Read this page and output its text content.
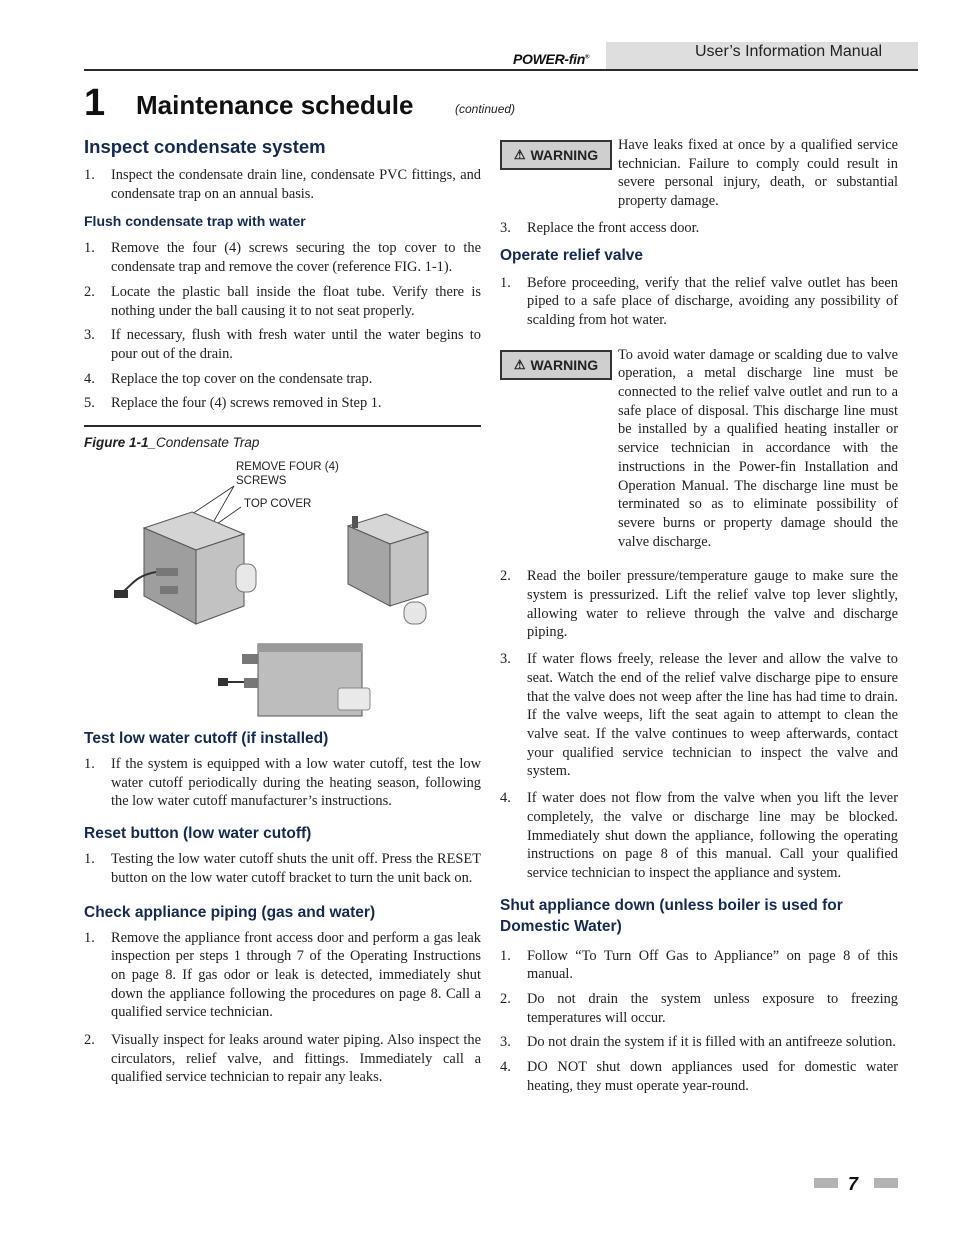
POWER-fin®	User’s Information Manual
1 Maintenance schedule	(continued)
Inspect condensate system
1. Inspect the condensate drain line, condensate PVC fittings, and condensate trap on an annual basis.
Flush condensate trap with water
1. Remove the four (4) screws securing the top cover to the condensate trap and remove the cover (reference FIG. 1-1).
2. Locate the plastic ball inside the float tube. Verify there is nothing under the ball causing it to not seat properly.
3. If necessary, flush with fresh water until the water begins to pour out of the drain.
4. Replace the top cover on the condensate trap.
5. Replace the four (4) screws removed in Step 1.
Figure 1-1_Condensate Trap
REMOVE FOUR (4)
SCREWS
TOP COVER
Test low water cutoff (if installed)
1. If the system is equipped with a low water cutoff, test the low water cutoff periodically during the heating season, following the low water cutoff manufacturer’s instructions.
Reset button (low water cutoff)
1. Testing the low water cutoff shuts the unit off. Press the RESET button on the low water cutoff bracket to turn the unit back on.
Check appliance piping (gas and water)
1. Remove the appliance front access door and perform a gas leak inspection per steps 1 through 7 of the Operating Instructions on page 8. If gas odor or leak is detected, immediately shut down the appliance following the procedures on page 8. Call a qualified service technician.
2. Visually inspect for leaks around water piping. Also inspect the circulators, relief valve, and fittings. Immediately call a qualified service technician to repair any leaks.
⚠ WARNING
Have leaks fixed at once by a qualified service technician. Failure to comply could result in severe personal injury, death, or substantial property damage.
3. Replace the front access door.
Operate relief valve
1. Before proceeding, verify that the relief valve outlet has been piped to a safe place of discharge, avoiding any possibility of scalding from hot water.
⚠ WARNING
To avoid water damage or scalding due to valve operation, a metal discharge line must be connected to the relief valve outlet and run to a safe place of disposal. This discharge line must be installed by a qualified heating installer or service technician in accordance with the instructions in the Power-fin Installation and Operation Manual. The discharge line must be terminated so as to eliminate possibility of severe burns or property damage should the valve discharge.
2. Read the boiler pressure/temperature gauge to make sure the system is pressurized. Lift the relief valve top lever slightly, allowing water to relieve through the valve and discharge piping.
3. If water flows freely, release the lever and allow the valve to seat. Watch the end of the relief valve discharge pipe to ensure that the valve does not weep after the line has had time to drain. If the valve weeps, lift the seat again to attempt to clean the valve seat. If the valve continues to weep afterwards, contact your qualified service technician to inspect the valve and system.
4. If water does not flow from the valve when you lift the lever completely, the valve or discharge line may be blocked. Immediately shut down the appliance, following the operating instructions on page 8 of this manual. Call your qualified service technician to inspect the appliance and system.
Shut appliance down (unless boiler is used for Domestic Water)
1. Follow “To Turn Off Gas to Appliance” on page 8 of this manual.
2. Do not drain the system unless exposure to freezing temperatures will occur.
3. Do not drain the system if it is filled with an antifreeze solution.
4. DO NOT shut down appliances used for domestic water heating, they must operate year-round.
7
